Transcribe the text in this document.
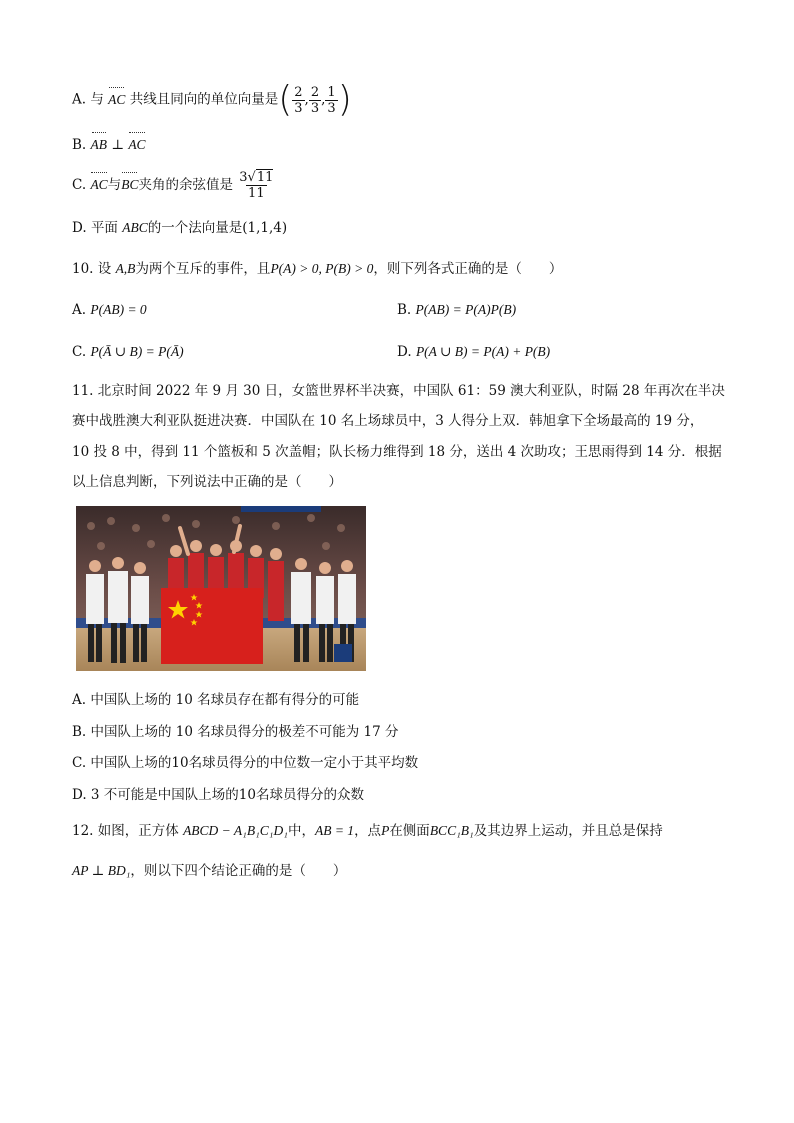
A. 与 AC 共线且同向的单位向量是( $\frac{2}{3}$ , $\frac{2}{3}$ , $\frac{1}{3}$ )
B. AB ⊥ AC
C. AC与BC夹角的余弦值是 $\frac{3√11}{11}$
D. 平面 ABC的一个法向量是(1,1,4)
10. 设 A,B为两个互斥的事件，且P(A) > 0, P(B) > 0，则下列各式正确的是（　　）
A. P(AB) = 0	B. P(AB) = P(A)P(B)
C. P(Ā ∪ B) = P(Ā)	D. P(A ∪ B) = P(A) + P(B)
11. 北京时间 2022 年 9 月 30 日，女篮世界杯半决赛，中国队 61：59 澳大利亚队，时隔 28 年再次在半决
赛中战胜澳大利亚队挺进决赛．中国队在 10 名上场球员中，3 人得分上双．韩旭拿下全场最高的 19 分，
10 投 8 中，得到 11 个篮板和 5 次盖帽；队长杨力维得到 18 分，送出 4 次助攻；王思雨得到 14 分．根据
以上信息判断，下列说法中正确的是（　　）
A. 中国队上场的 10 名球员存在都有得分的可能
B. 中国队上场的 10 名球员得分的极差不可能为 17 分
C. 中国队上场的10名球员得分的中位数一定小于其平均数
D. 3 不可能是中国队上场的10名球员得分的众数
12. 如图，正方体 ABCD − A₁B₁C₁D₁中，AB = 1，点P在侧面BCC₁B₁及其边界上运动，并且总是保持
AP ⊥ BD₁，则以下四个结论正确的是（　　）
